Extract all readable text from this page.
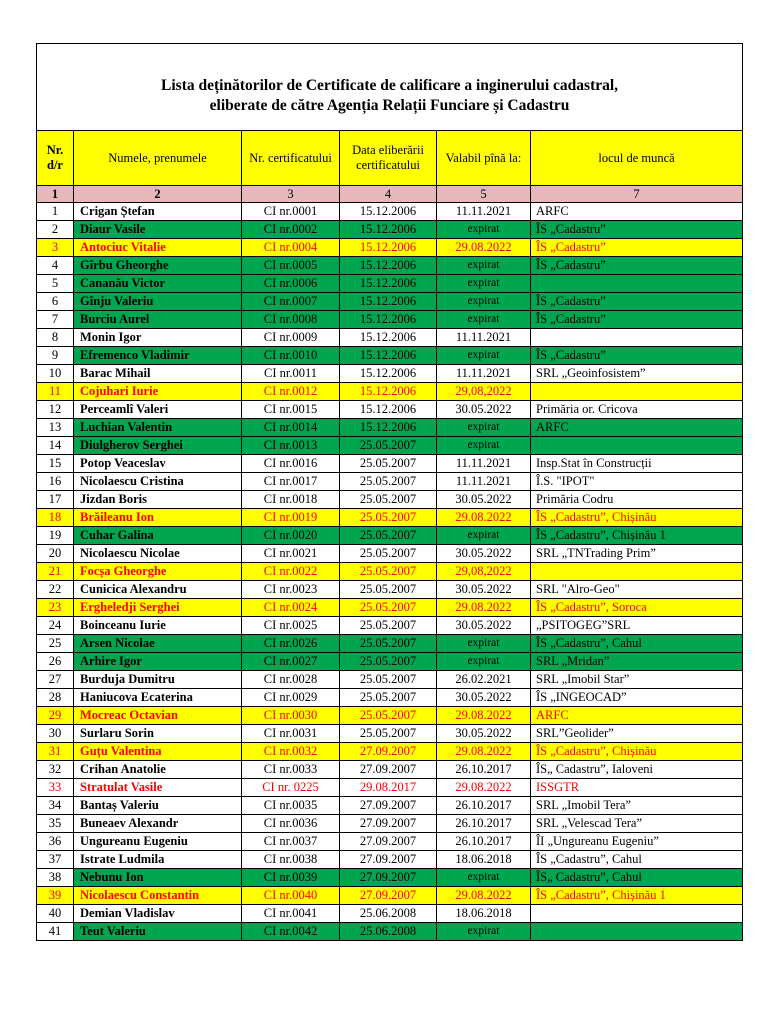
Lista deținătorilor de Certificate de calificare a inginerului cadastral,
eliberate de către Agenția Relații Funciare și Cadastru					

Nr. d/r	Numele, prenumele	Nr. certificatului	Data eliberării certificatului	Valabil pînă la:	locul de muncă
1	2	3	4	5	7
1	Crigan Ștefan	CI nr.0001	15.12.2006	11.11.2021	ARFC
2	Diaur Vasile	CI nr.0002	15.12.2006	expirat	ÎS „Cadastru”
3	Antociuc Vitalie	CI nr.0004	15.12.2006	29.08.2022	ÎS „Cadastru”
4	Gîrbu Gheorghe	CI nr.0005	15.12.2006	expirat	ÎS „Cadastru”
5	Cananău Victor	CI nr.0006	15.12.2006	expirat	
6	Gînju Valeriu	CI nr.0007	15.12.2006	expirat	ÎS „Cadastru”
7	Burciu Aurel	CI nr.0008	15.12.2006	expirat	ÎS „Cadastru”
8	Monin Igor	CI nr.0009	15.12.2006	11.11.2021	
9	Efremenco Vladimir	CI nr.0010	15.12.2006	expirat	ÎS „Cadastru”
10	Barac Mihail	CI nr.0011	15.12.2006	11.11.2021	SRL „Geoinfosistem”
11	Cojuhari Iurie	CI nr.0012	15.12.2006	29,08,2022	
12	Perceamlî Valeri	CI nr.0015	15.12.2006	30.05.2022	Primăria or. Cricova
13	Luchian Valentin	CI nr.0014	15.12.2006	expirat	ARFC
14	Diulgherov Serghei	CI nr.0013	25.05.2007	expirat	
15	Potop Veaceslav	CI nr.0016	25.05.2007	11.11.2021	Insp.Stat în Construcții
16	Nicolaescu Cristina	CI nr.0017	25.05.2007	11.11.2021	Î.S. "IPOT"
17	Jizdan Boris	CI nr.0018	25.05.2007	30.05.2022	Primăria Codru
18	Brăileanu Ion	CI nr.0019	25.05.2007	29.08.2022	ÎS „Cadastru”, Chișinău
19	Cuhar Galina	CI nr.0020	25.05.2007	expirat	ÎS „Cadastru”, Chișinău 1
20	Nicolaescu Nicolae	CI nr.0021	25.05.2007	30.05.2022	SRL „TNTrading Prim”
21	Focșa Gheorghe	CI nr.0022	25.05.2007	29,08,2022	
22	Cunicica Alexandru	CI nr.0023	25.05.2007	30.05.2022	SRL "Alro-Geo"
23	Ergheledji Serghei	CI nr.0024	25.05.2007	29.08.2022	ÎS „Cadastru”, Soroca
24	Boinceanu Iurie	CI nr.0025	25.05.2007	30.05.2022	„PSITOGEG”SRL
25	Arsen Nicolae	CI nr.0026	25.05.2007	expirat	ÎS „Cadastru”, Cahul
26	Arhire Igor	CI nr.0027	25.05.2007	expirat	SRL „Mridan”
27	Burduja Dumitru	CI nr.0028	25.05.2007	26.02.2021	SRL „Imobil Star”
28	Haniucova Ecaterina	CI nr.0029	25.05.2007	30.05.2022	ÎS „INGEOCAD”
29	Mocreac Octavian	CI nr.0030	25.05.2007	29.08.2022	ARFC
30	Surlaru Sorin	CI nr.0031	25.05.2007	30.05.2022	SRL”Geolider”
31	Guțu Valentina	CI nr.0032	27.09.2007	29.08.2022	ÎS „Cadastru”, Chișinău
32	Crihan Anatolie	CI nr.0033	27.09.2007	26.10.2017	ÎS„ Cadastru”, Ialoveni
33	Stratulat Vasile	CI nr. 0225	29.08.2017	29.08.2022	ISSGTR
34	Bantaș Valeriu	CI nr.0035	27.09.2007	26.10.2017	SRL „Imobil Tera”
35	Buneaev Alexandr	CI nr.0036	27.09.2007	26.10.2017	SRL „Velescad Tera”
36	Ungureanu Eugeniu	CI nr.0037	27.09.2007	26.10.2017	ÎI „Ungureanu Eugeniu”
37	Istrate Ludmila	CI nr.0038	27.09.2007	18.06.2018	ÎS „Cadastru”, Cahul
38	Nebunu Ion	CI nr.0039	27.09.2007	expirat	ÎS„ Cadastru”, Cahul
39	Nicolaescu Constantin	CI nr.0040	27.09.2007	29.08.2022	ÎS „Cadastru”, Chișinău 1
40	Demian Vladislav	CI nr.0041	25.06.2008	18.06.2018	
41	Teut Valeriu	CI nr.0042	25.06.2008	expirat	
